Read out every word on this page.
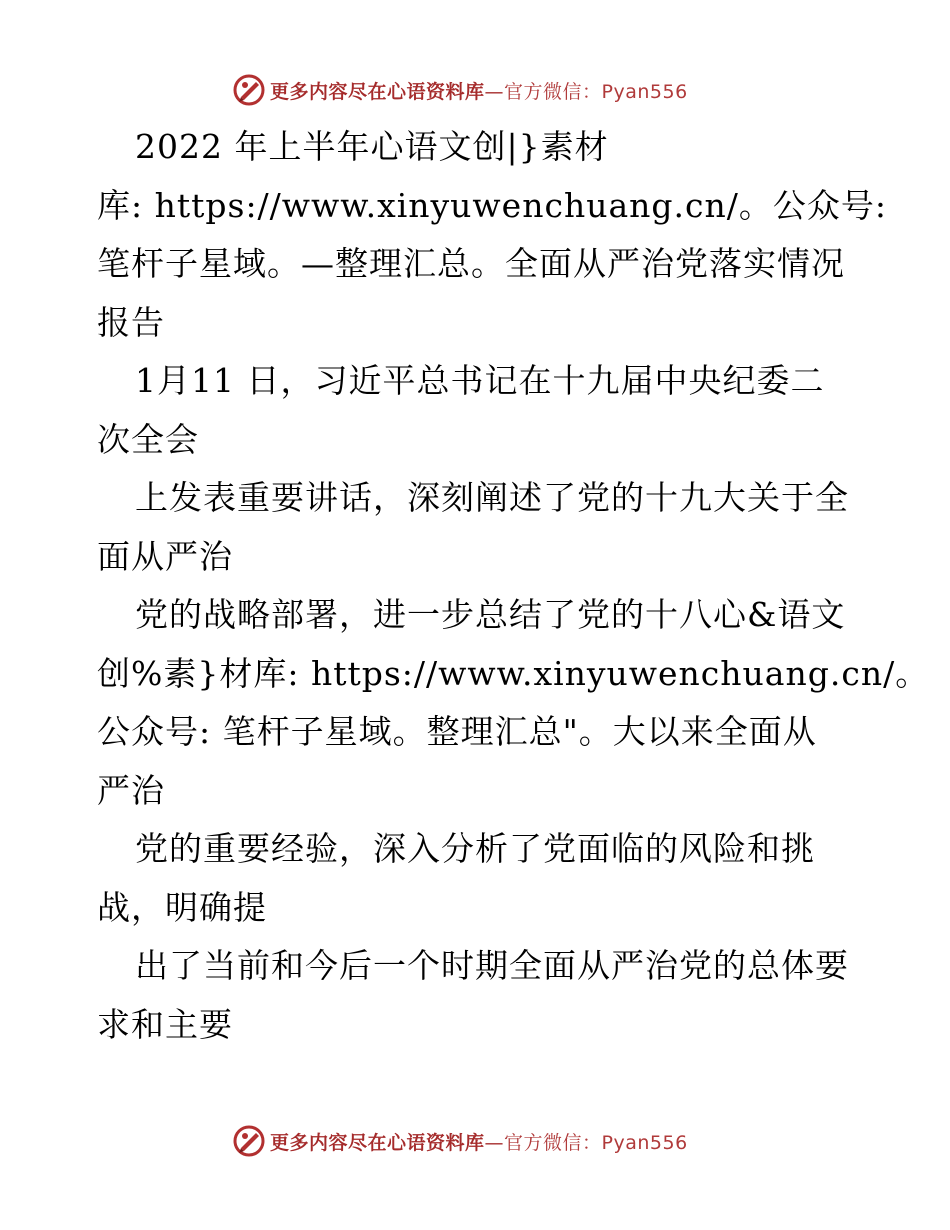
更多内容尽在心语资料库—官方微信：Pyan556
2022 年上半年心语文创|}素材
库: https://www.xinyuwenchuang.cn/。公众号:
笔杆子星域。—整理汇总。全面从严治党落实情况
报告
1月11 日，习近平总书记在十九届中央纪委二
次全会
上发表重要讲话，深刻阐述了党的十九大关于全
面从严治
党的战略部署，进一步总结了党的十八心&语文
创%素}材库: https://www.xinyuwenchuang.cn/。
公众号: 笔杆子星域。整理汇总"。大以来全面从
严治
党的重要经验，深入分析了党面临的风险和挑
战，明确提
出了当前和今后一个时期全面从严治党的总体要
求和主要
更多内容尽在心语资料库—官方微信：Pyan556
